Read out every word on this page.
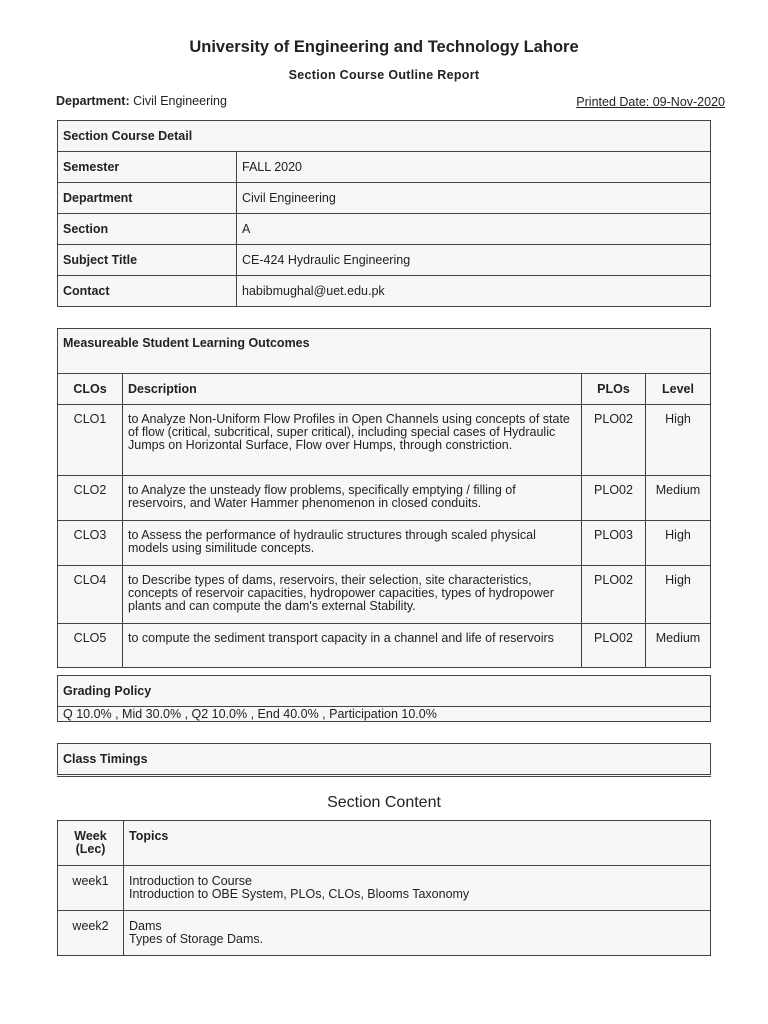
University of Engineering and Technology Lahore
Section Course Outline Report
Department: Civil Engineering	Printed Date: 09-Nov-2020
Section Course Detail	
Semester	FALL 2020
Department	Civil Engineering
Section	A
Subject Title	CE-424 Hydraulic Engineering
Contact	habibmughal@uet.edu.pk
Measureable Student Learning Outcomes			
CLOs	Description	PLOs	Level
CLO1	to Analyze Non-Uniform Flow Profiles in Open Channels using concepts of state of flow (critical, subcritical, super critical), including special cases of Hydraulic Jumps on Horizontal Surface, Flow over Humps, through constriction.	PLO02	High
CLO2	to Analyze the unsteady flow problems, specifically emptying / filling of reservoirs, and Water Hammer phenomenon in closed conduits.	PLO02	Medium
CLO3	to Assess the performance of hydraulic structures through scaled physical models using similitude concepts.	PLO03	High
CLO4	to Describe types of dams, reservoirs, their selection, site characteristics, concepts of reservoir capacities, hydropower capacities, types of hydropower plants and can compute the dam's external Stability.	PLO02	High
CLO5	to compute the sediment transport capacity in a channel and life of reservoirs	PLO02	Medium
Grading Policy
Q 10.0% , Mid 30.0% , Q2 10.0% , End 40.0% , Participation 10.0%
Class Timings
Section Content
Week
(Lec)	Topics
week1	Introduction to Course
Introduction to OBE System, PLOs, CLOs, Blooms Taxonomy
week2	Dams
Types of Storage Dams.
